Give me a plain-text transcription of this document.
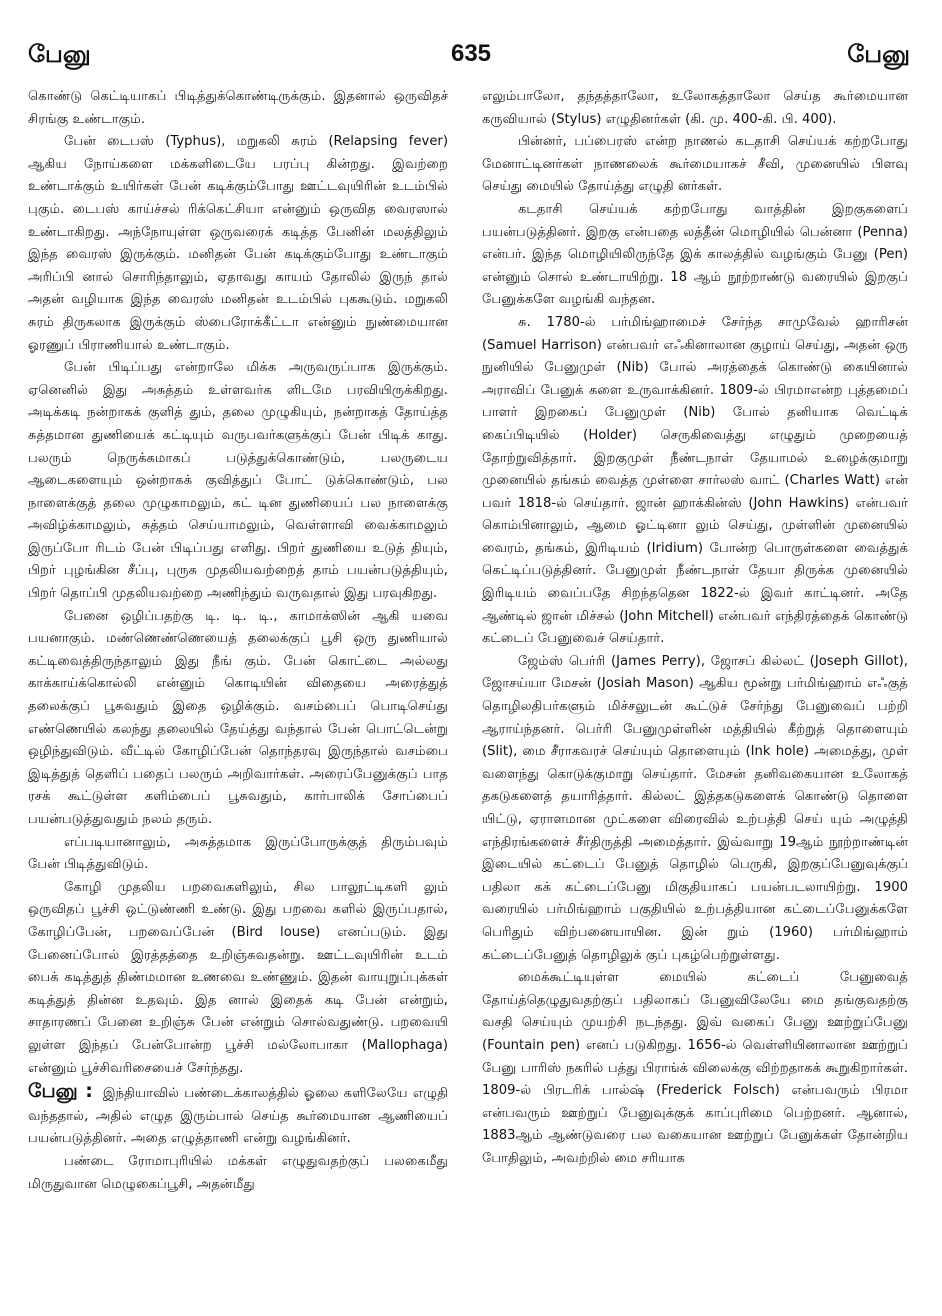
பேனு	635	பேனு

கொண்டு கெட்டியாகப் பிடித்துக்கொண்டிருக்கும். இதனால் ஒருவிதச் சிரங்கு உண்டாகும்.

பேன் டைபஸ் (Typhus), மறுகலி சுரம் (Relapsing fever) ஆகிய நோய்களை மக்களிடையே பரப்பு கின்றது. இவற்றை உண்டாக்கும் உயிர்கள் பேன் கடிக்கும்போது ஊட்டவுயிரின் உடம்பில் புகும். டைபஸ் காய்ச்சல் ரிக்கெட்சியா என்னும் ஒருவித வைரஸால் உண்டாகிறது. அந்நோயுள்ள ஒருவரைக் கடித்த பேனின் மலத்திலும் இந்த வைரஸ் இருக்கும். மனிதன் பேன் கடிக்கும்போது உண்டாகும் அரிப்பி னால் சொரிந்தாலும், ஏதாவது காயம் தோலில் இருந் தால் அதன் வழியாக இந்த வைரஸ் மனிதன் உடம்பில் புககூடும். மறுகலி சுரம் திருகலாக இருக்கும் ஸ்பைரோக்கீட்டா என்னும் நுண்மையான ஓரணுப் பிராணியால் உண்டாகும்.

பேன் பிடிப்பது என்றாலே மிக்க அருவருப்பாக இருக்கும். ஏனெனில் இது அசுத்தம் உள்ளவர்க ளிடமே பரவியிருக்கிறது. அடிக்கடி நன்றாகக் குளித் தும், தலை முழுகியும், நன்றாகத் தோய்த்த சுத்தமான துணியைக் கட்டியும் வருபவர்களுக்குப் பேன் பிடிக் காது. பலரும் நெருக்கமாகப் படுத்துக்கொண்டும், பலருடைய ஆடைகளையும் ஒன்றாகக் குவித்துப் போட் டுக்கொண்டும், பல நாளைக்குத் தலை முழுகாமலும், கட் டின துணியைப் பல நாளைக்கு அவிழ்க்காமலும், சுத்தம் செய்யாமலும், வெள்ளாவி வைக்காமலும் இருப்போ ரிடம் பேன் பிடிப்பது எளிது. பிறர் துணியை உடுத் தியும், பிறர் புழங்கின சீப்பு, புருசு முதலியவற்றைத் தாம் பயன்படுத்தியும், பிறர் தொப்பி முதலியவற்றை அணிந்தும் வருவதால் இது பரவுகிறது.

பேனை ஒழிப்பதற்கு டி. டி. டி., காமாக்ஸின் ஆகி யவை பயனாகும். மண்ணெண்ணெயைத் தலைக்குப் பூசி ஒரு துணியால் கட்டிவைத்திருந்தாலும் இது நீங் கும். பேன் கொட்டை அல்லது காக்காய்க்கொல்லி என்னும் கொடியின் விதையை அரைத்துத் தலைக்குப் பூசுவதும் இதை ஒழிக்கும். வசம்பைப் பொடிசெய்து எண்ணெயில் கலந்து தலையில் தேய்த்து வந்தால் பேன் பொட்டென்று ஒழிந்துவிடும். வீட்டில் கோழிப்பேன் தொந்தரவு இருந்தால் வசம்பை இடித்துத் தெளிப் பதைப் பலரும் அறிவார்கள். அரைப்பேனுக்குப் பாத ரசக் கூட்டுள்ள களிம்பைப் பூசுவதும், கார்பாலிக் சோப்பைப் பயன்படுத்துவதும் நலம் தரும்.

எப்படியானாலும், அசுத்தமாக இருப்போருக்குத் திரும்பவும் பேன் பிடித்துவிடும்.

கோழி முதலிய பறவைகளிலும், சில பாலூட்டிகளி லும் ஒருவிதப் பூச்சி ஒட்டுண்ணி உண்டு. இது பறவை களில் இருப்பதால், கோழிப்பேன், பறவைப்பேன் (Bird louse) எனப்படும். இது பேனைப்போல் இரத்தத்தை உறிஞ்சுவதன்று. ஊட்டவுயிரின் உடம் பைக் கடித்துத் திண்மமான உணவை உண்ணும். இதன் வாயுறுப்புக்கள் கடித்துத் தின்ன உதவும். இத னால் இதைக் கடி பேன் என்றும், சாதாரணப் பேனை உறிஞ்சு பேன் என்றும் சொல்வதுண்டு. பறவையி லுள்ள இந்தப் பேன்போன்ற பூச்சி மல்லோபாகா (Mallophaga) என்னும் பூச்சிவரிசையைச் சேர்ந்தது.

பேனு : இந்தியாவில் பண்டைக்காலத்தில் ஓலை களிலேயே எழுதி வந்ததால், அதில் எழுத இரும்பால் செய்த கூர்மையான ஆணியைப் பயன்படுத்தினர். அதை எழுத்தாணி என்று வழங்கினர்.

பண்டை ரோமாபுரியில் மக்கள் எழுதுவதற்குப் பலகைமீது மிருதுவான மெழுகைப்பூசி, அதன்மீது

எலும்பாலோ, தந்தத்தாலோ, உலோகத்தாலோ செய்த கூர்மையான கருவியால் (Stylus) எழுதினர்கள் (கி. மு. 400-கி. பி. 400).

பின்னர், பப்பைரஸ் என்ற நாணல் கடதாசி செய்யக் கற்றபோது மேனாட்டினர்கள் நாணலைக் கூர்மையாகச் சீவி, முனையில் பிளவு செய்து மையில் தோய்த்து எழுதி னர்கள்.

கடதாசி செய்யக் கற்றபோது வாத்தின் இறகுகளைப் பயன்படுத்தினர். இறகு என்பதை லத்தீன் மொழியில் பென்னா (Penna) என்பர். இந்த மொழியிலிருந்தே இக் காலத்தில் வழங்கும் பேனு (Pen) என்னும் சொல் உண்டாயிற்று. 18 ஆம் நூற்றாண்டு வரையில் இறகுப் பேனுக்களே வழங்கி வந்தன.

சு. 1780-ல் பர்மிங்ஹாமைச் சேர்ந்த சாமுவேல் ஹாரிசன் (Samuel Harrison) என்பவர் எஃகினாலான குழாய் செய்து, அதன் ஒரு நுனியில் பேனுமுள் (Nib) போல் அரத்தைக் கொண்டு கையினால் அராவிப் பேனுக் களை உருவாக்கினர். 1809-ல் பிரமாஎன்ற புத்தமைப் பாளர் இறகைப் பேனுமுள் (Nib) போல் தனியாக வெட்டிக் கைப்பிடியில் (Holder) செருகிவைத்து எழுதும் முறையைத் தோற்றுவித்தார். இறகுமுள் நீண்டநாள் தேயாமல் உழைக்குமாறு முனையில் தங்கம் வைத்த முள்ளை சார்லஸ் வாட் (Charles Watt) என் பவர் 1818-ல் செய்தார். ஜான் ஹாக்கின்ஸ் (John Hawkins) என்பவர் கொம்பினாலும், ஆமை ஓட்டினா லும் செய்து, முள்ளின் முனையில் வைரம், தங்கம், இரிடியம் (Iridium) போன்ற பொருள்களை வைத்துக் கெட்டிப்படுத்தினர். பேனுமுள் நீண்டநாள் தேயா திருக்க முனையில் இரிடியம் வைப்பதே சிறந்ததென 1822-ல் இவர் காட்டினர். அதே ஆண்டில் ஜான் மிச்சல் (John Mitchell) என்பவர் எந்திரத்தைக் கொண்டு கட்டைப் பேனுவைச் செய்தார்.

ஜேம்ஸ் பெர்ரி (James Perry), ஜோசப் கில்லட் (Joseph Gillot), ஜோசய்யா மேசன் (Josiah Mason) ஆகிய மூன்று பர்மிங்ஹாம் எஃகுத் தொழிலதிபர்களும் மிச்சலுடன் கூட்டுச் சேர்ந்து பேனுவைப் பற்றி ஆராய்ந்தனர். பெர்ரி பேனுமுள்ளின் மத்தியில் கீற்றுத் தொளையும் (Slit), மை சீராகவரச் செய்யும் தொளையும் (Ink hole) அமைத்து, முள் வளைந்து கொடுக்குமாறு செய்தார். மேசன் தனிவகையான உலோகத் தகடுகளைத் தயாரித்தார். கில்லட் இத்தகடுகளைக் கொண்டு தொளை யிட்டு, ஏராளமான முட்களை விரைவில் உற்பத்தி செய் யும் அழுத்தி எந்திரங்களைச் சீர்திருத்தி அமைத்தார். இவ்வாறு 19ஆம் நூற்றாண்டின் இடையில் கட்டைப் பேனுத் தொழில் பெருகி, இறகுப்பேனுவுக்குப் பதிலா கக் கட்டைப்பேனு மிகுதியாகப் பயன்படலாயிற்று. 1900 வரையில் பர்மிங்ஹாம் பகுதியில் உற்பத்தியான கட்டைப்பேனுக்களே பெரிதும் விற்பனையாயின. இன் றும் (1960) பர்மிங்ஹாம் கட்டைப்பேனுத் தொழிலுக் குப் புகழ்பெற்றுள்ளது.

மைக்கூட்டியுள்ள மையில் கட்டைப் பேனுவைத் தோய்த்தெழுதுவதற்குப் பதிலாகப் பேனுவிலேயே மை தங்குவதற்கு வசதி செய்யும் முயற்சி நடந்தது. இவ் வகைப் பேனு ஊற்றுப்பேனு (Fountain pen) எனப் படுகிறது. 1656-ல் வெள்ளியினாலான ஊற்றுப் பேனு பாரிஸ் நகரில் பத்து பிராங்க் விலைக்கு விற்றதாகக் கூறுகிறார்கள். 1809-ல் பிரடரிக் பால்ஷ் (Frederick Folsch) என்பவரும் பிரமா என்பவரும் ஊற்றுப் பேனுவுக்குக் காப்புரிமை பெற்றனர். ஆனால், 1883ஆம் ஆண்டுவரை பல வகையான ஊற்றுப் பேனுக்கள் தோன்றிய போதிலும், அவற்றில் மை சரியாக
